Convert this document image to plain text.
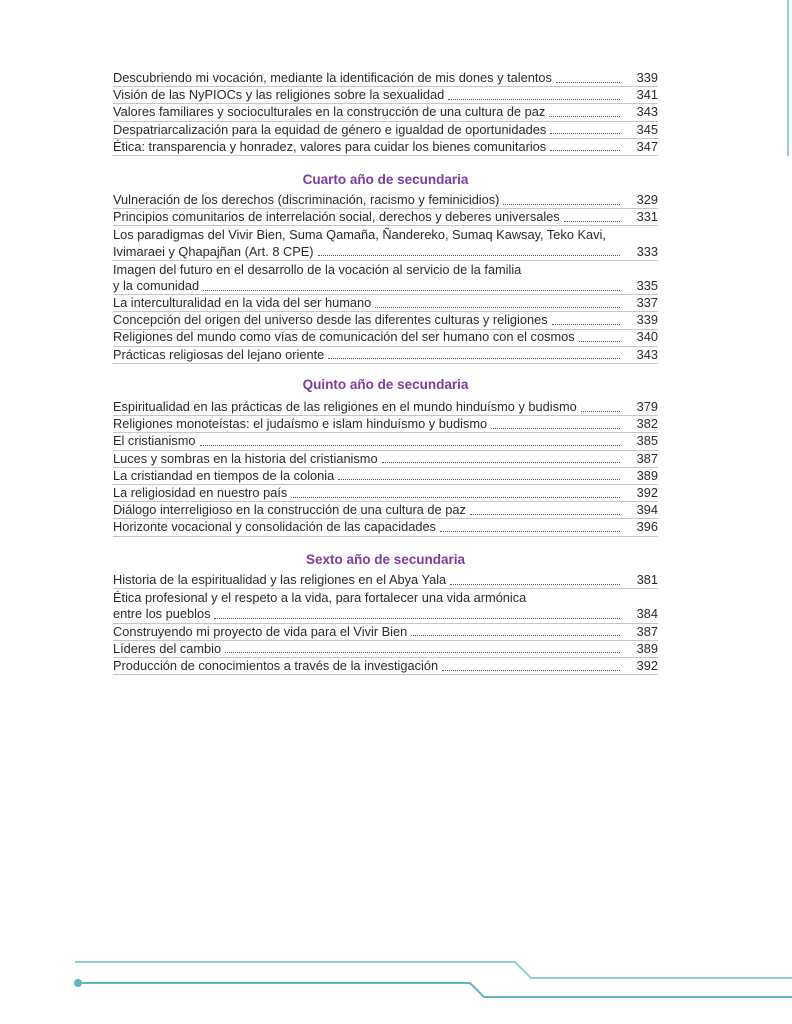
Descubriendo mi vocación, mediante la identificación de mis dones y talentos	339
Visión de las NyPIOCs y las religiones sobre la sexualidad	341
Valores familiares y socioculturales en la construcción de una cultura de paz	343
Despatriarcalización para la equidad de género e igualdad de oportunidades	345
Ética: transparencia y honradez, valores para cuidar los bienes comunitarios	347
Cuarto año de secundaria
Vulneración de los derechos (discriminación, racismo y feminicidios)	329
Principios comunitarios de interrelación social, derechos y deberes universales	331
Los paradigmas del Vivir Bien, Suma Qamaña, Ñandereko, Sumaq Kawsay, Teko Kavi,
Ivimaraei y Qhapajñan (Art. 8 CPE)	333
Imagen del futuro en el desarrollo de la vocación al servicio de la familia
y la comunidad	335
La interculturalidad en la vida del ser humano	337
Concepción del origen del universo desde las diferentes culturas y religiones	339
Religiones del mundo como vías de comunicación del ser humano con el cosmos	340
Prácticas religiosas del lejano oriente	343
Quinto año de secundaria
Espiritualidad en las prácticas de las religiones en el mundo hinduísmo y budismo	379
Religiones monoteístas: el judaísmo e islam hinduísmo y budismo	382
El cristianismo	385
Luces y sombras en la historia del cristianismo	387
La cristiandad en tiempos de la colonia	389
La religiosidad en nuestro país	392
Diálogo interreligioso en la construcción de una cultura de paz	394
Horizonte vocacional y consolidación de las capacidades	396
Sexto año de secundaria
Historia de la espiritualidad y las religiones en el Abya Yala	381
Ética profesional y el respeto a la vida, para fortalecer una vida armónica
entre los pueblos	384
Construyendo mi proyecto de vida para el Vivir Bien	387
Líderes del cambio	389
Producción de conocimientos a través de la investigación	392
